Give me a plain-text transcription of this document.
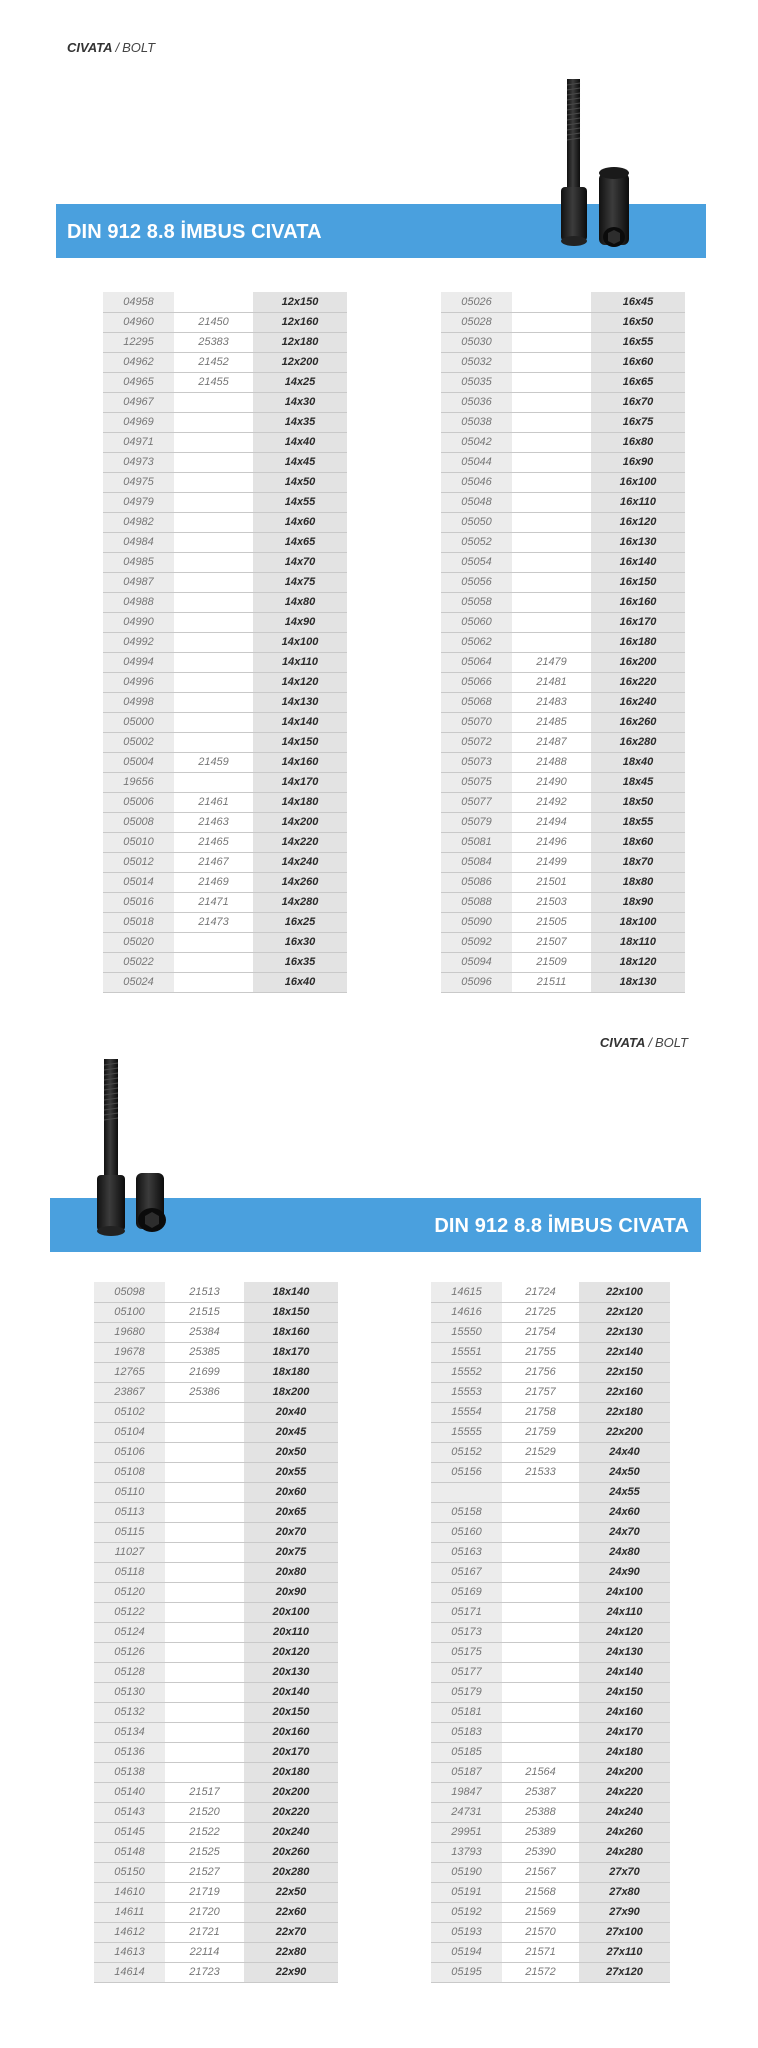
CIVATA / BOLT
DIN 912 8.8 İMBUS CIVATA
04958		12x150
04960	21450	12x160
12295	25383	12x180
04962	21452	12x200
04965	21455	14x25
04967		14x30
04969		14x35
04971		14x40
04973		14x45
04975		14x50
04979		14x55
04982		14x60
04984		14x65
04985		14x70
04987		14x75
04988		14x80
04990		14x90
04992		14x100
04994		14x110
04996		14x120
04998		14x130
05000		14x140
05002		14x150
05004	21459	14x160
19656		14x170
05006	21461	14x180
05008	21463	14x200
05010	21465	14x220
05012	21467	14x240
05014	21469	14x260
05016	21471	14x280
05018	21473	16x25
05020		16x30
05022		16x35
05024		16x40
05026		16x45
05028		16x50
05030		16x55
05032		16x60
05035		16x65
05036		16x70
05038		16x75
05042		16x80
05044		16x90
05046		16x100
05048		16x110
05050		16x120
05052		16x130
05054		16x140
05056		16x150
05058		16x160
05060		16x170
05062		16x180
05064	21479	16x200
05066	21481	16x220
05068	21483	16x240
05070	21485	16x260
05072	21487	16x280
05073	21488	18x40
05075	21490	18x45
05077	21492	18x50
05079	21494	18x55
05081	21496	18x60
05084	21499	18x70
05086	21501	18x80
05088	21503	18x90
05090	21505	18x100
05092	21507	18x110
05094	21509	18x120
05096	21511	18x130
CIVATA / BOLT
DIN 912 8.8 İMBUS CIVATA
05098	21513	18x140
05100	21515	18x150
19680	25384	18x160
19678	25385	18x170
12765	21699	18x180
23867	25386	18x200
05102		20x40
05104		20x45
05106		20x50
05108		20x55
05110		20x60
05113		20x65
05115		20x70
11027		20x75
05118		20x80
05120		20x90
05122		20x100
05124		20x110
05126		20x120
05128		20x130
05130		20x140
05132		20x150
05134		20x160
05136		20x170
05138		20x180
05140	21517	20x200
05143	21520	20x220
05145	21522	20x240
05148	21525	20x260
05150	21527	20x280
14610	21719	22x50
14611	21720	22x60
14612	21721	22x70
14613	22114	22x80
14614	21723	22x90
14615	21724	22x100
14616	21725	22x120
15550	21754	22x130
15551	21755	22x140
15552	21756	22x150
15553	21757	22x160
15554	21758	22x180
15555	21759	22x200
05152	21529	24x40
05156	21533	24x50
		24x55
05158		24x60
05160		24x70
05163		24x80
05167		24x90
05169		24x100
05171		24x110
05173		24x120
05175		24x130
05177		24x140
05179		24x150
05181		24x160
05183		24x170
05185		24x180
05187	21564	24x200
19847	25387	24x220
24731	25388	24x240
29951	25389	24x260
13793	25390	24x280
05190	21567	27x70
05191	21568	27x80
05192	21569	27x90
05193	21570	27x100
05194	21571	27x110
05195	21572	27x120
